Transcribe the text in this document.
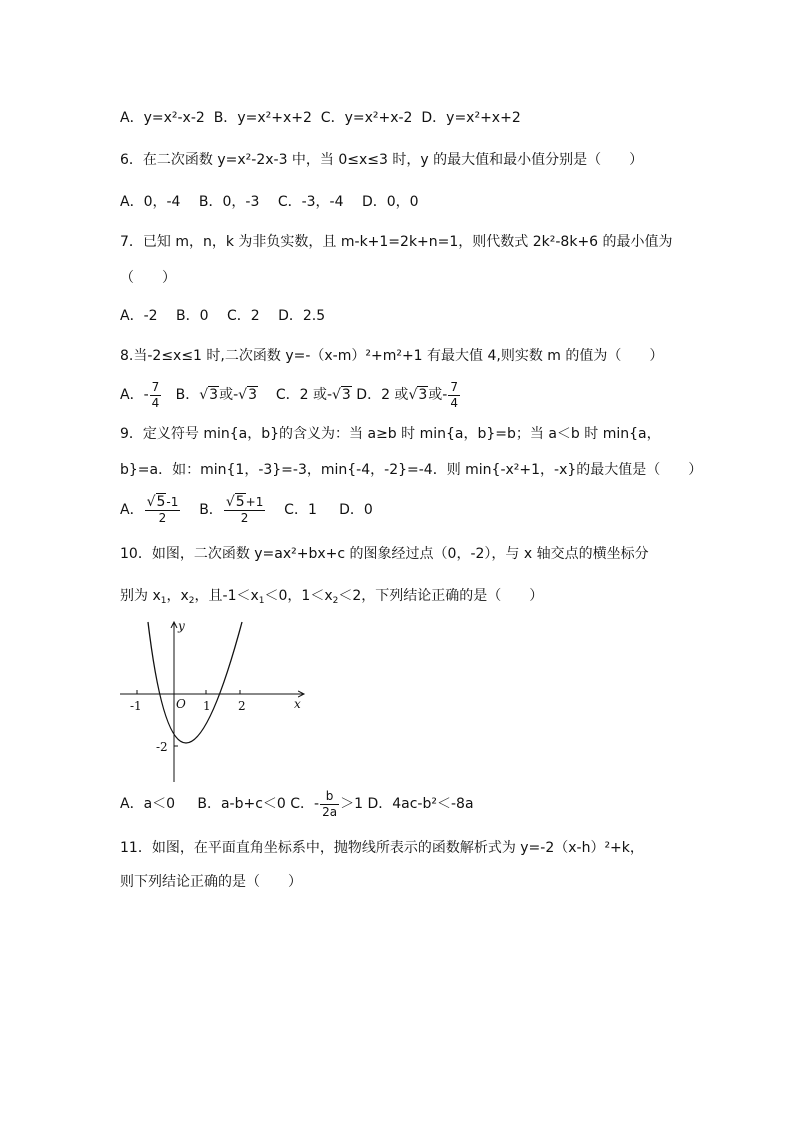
A．y=x²-x-2 B．y=x²+x+2 C．y=x²+x-2 D．y=x²+x+2
6．在二次函数 y=x²-2x-3 中，当 0≤x≤3 时，y 的最大值和最小值分别是（　　）
A．0，-4　 B．0，-3　 C．-3，-4　 D．0，0
7．已知 m，n，k 为非负实数，且 m-k+1=2k+n=1，则代数式 2k²-8k+6 的最小值为
（　　）
A．-2　 B．0　 C．2　 D．2.5
8.当-2≤x≤1 时,二次函数 y=-（x-m）²+m²+1 有最大值 4,则实数 m 的值为（　　）
A．- $\frac{7}{4}$ B．√3或-√3 C．2 或-√3 D．2 或√3或- $\frac{7}{4}$
9．定义符号 min{a，b}的含义为：当 a≥b 时 min{a，b}=b；当 a＜b 时 min{a，
b}=a．如：min{1，-3}=-3，min{-4，-2}=-4．则 min{-x²+1，-x}的最大值是（　　）
A． $\frac{√5-1}{2}$ B． $\frac{√5+1}{2}$ C．1 D．0
10．如图，二次函数 y=ax²+bx+c 的图象经过点（0，-2），与 x 轴交点的横坐标分
别为 $x_1$，$x_2$，且$-1<x_1<0$，$1<x_2<2$，下列结论正确的是（　　）
y
x
O
-1	1 2
-2
A．a＜0 B．a-b+c＜0 C．- $\frac{b}{2a} >1$ D．4ac-b²＜-8a
11．如图，在平面直角坐标系中，抛物线所表示的函数解析式为 y=-2（x-h）²+k，
则下列结论正确的是（　　）
